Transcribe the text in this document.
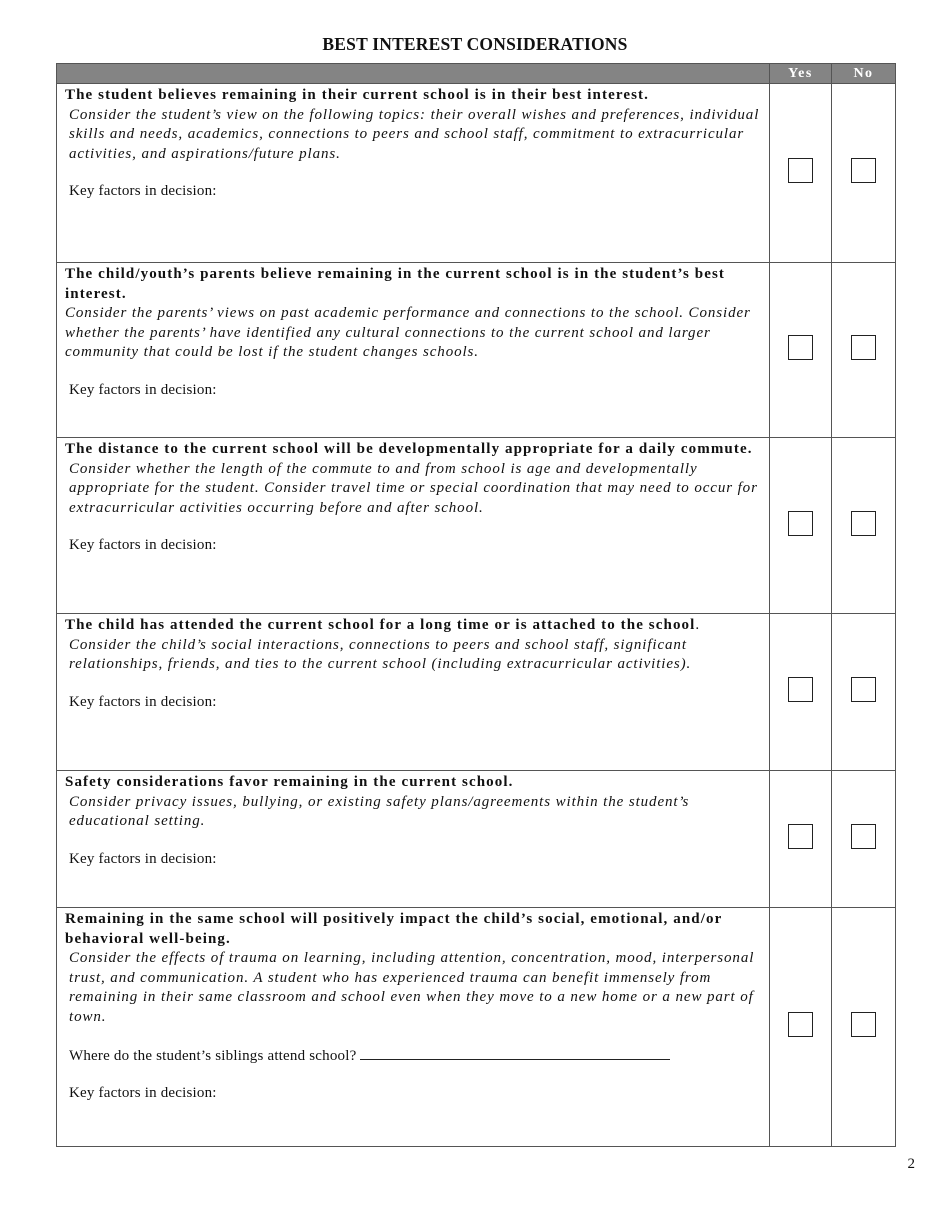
BEST INTEREST CONSIDERATIONS
	Yes	No

The student believes remaining in their current school is in their best interest.

Consider the student’s view on the following topics: their overall wishes and preferences, individual skills and needs, academics, connections to peers and school staff, commitment to extracurricular activities, and aspirations/future plans.

Key factors in decision:		

The child/youth’s parents believe remaining in the current school is in the student’s best interest.

Consider the parents’ views on past academic performance and connections to the school. Consider whether the parents’ have identified any cultural connections to the current school and larger community that could be lost if the student changes schools.

Key factors in decision:		

The distance to the current school will be developmentally appropriate for a daily commute.

Consider whether the length of the commute to and from school is age and developmentally appropriate for the student. Consider travel time or special coordination that may need to occur for extracurricular activities occurring before and after school.

Key factors in decision:		

The child has attended the current school for a long time or is attached to the school.

Consider the child’s social interactions, connections to peers and school staff, significant relationships, friends, and ties to the current school (including extracurricular activities).

Key factors in decision:		

Safety considerations favor remaining in the current school.

Consider privacy issues, bullying, or existing safety plans/agreements within the student’s educational setting.

Key factors in decision:		

Remaining in the same school will positively impact the child’s social, emotional, and/or behavioral well-being.

Consider the effects of trauma on learning, including attention, concentration, mood, interpersonal trust, and communication. A student who has experienced trauma can benefit immensely from remaining in their same classroom and school even when they move to a new home or a new part of town.

Where do the student’s siblings attend school?
Key factors in decision:		

2
